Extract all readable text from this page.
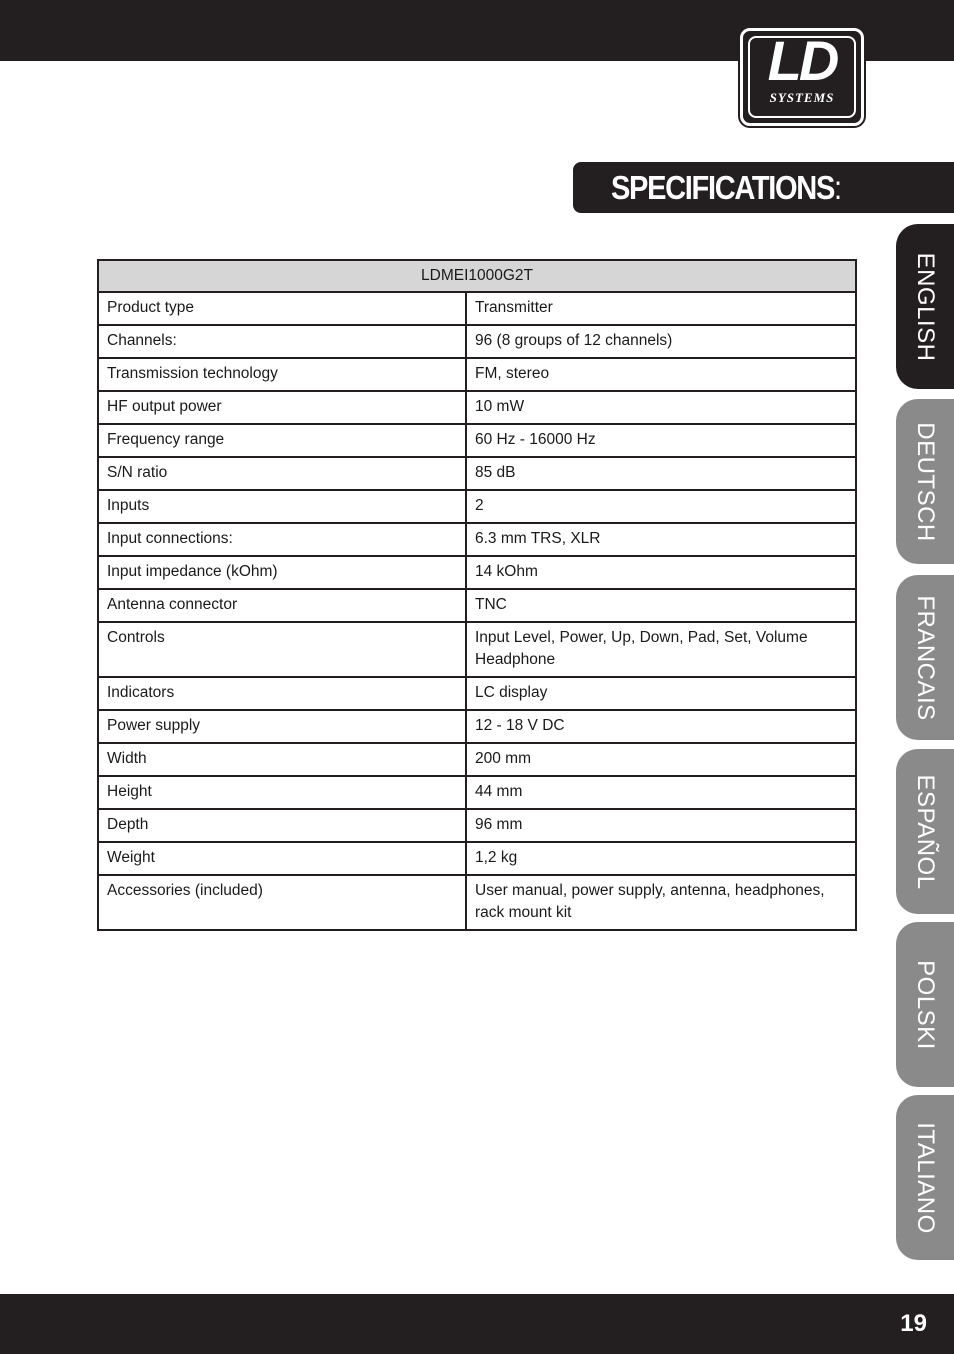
LD
SYSTEMS
SPECIFICATIONS:
ENGLISH
DEUTSCH
FRANCAIS
ESPAÑOL
POLSKI
ITALIANO
LDMEI1000G2T	
Product type	Transmitter
Channels:	96 (8 groups of 12 channels)
Transmission technology	FM, stereo
HF output power	10 mW
Frequency range	60 Hz - 16000 Hz
S/N ratio	85 dB
Inputs	2
Input connections:	6.3 mm TRS, XLR
Input impedance (kOhm)	14 kOhm
Antenna connector	TNC
Controls	Input Level, Power, Up, Down, Pad, Set, Volume Headphone
Indicators	LC display
Power supply	12 - 18 V DC
Width	200 mm
Height	44 mm
Depth	96 mm
Weight	1,2 kg
Accessories (included)	User manual, power supply, antenna, headphones, rack mount kit
19
